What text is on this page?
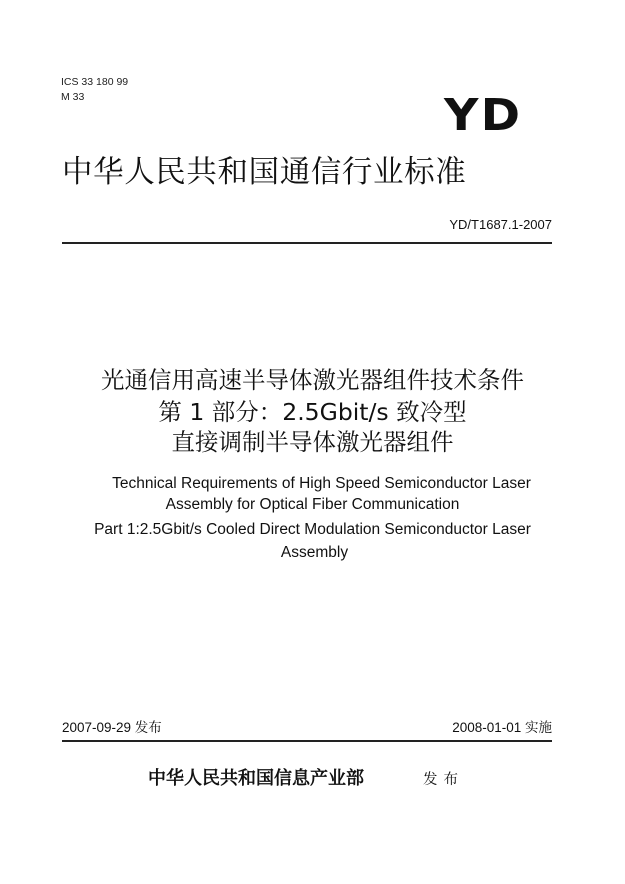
ICS 33 180 99
M 33	YD
中华人民共和国通信行业标准
YD/T1687.1-2007
光通信用高速半导体激光器组件技术条件
第 1 部分：2.5Gbit/s 致冷型
直接调制半导体激光器组件
Technical Requirements of High Speed Semiconductor Laser
Assembly for Optical Fiber Communication
Part 1:2.5Gbit/s Cooled Direct Modulation Semiconductor Laser
Assembly
2007-09-29 发布	2008-01-01 实施
中华人民共和国信息产业部	发布
